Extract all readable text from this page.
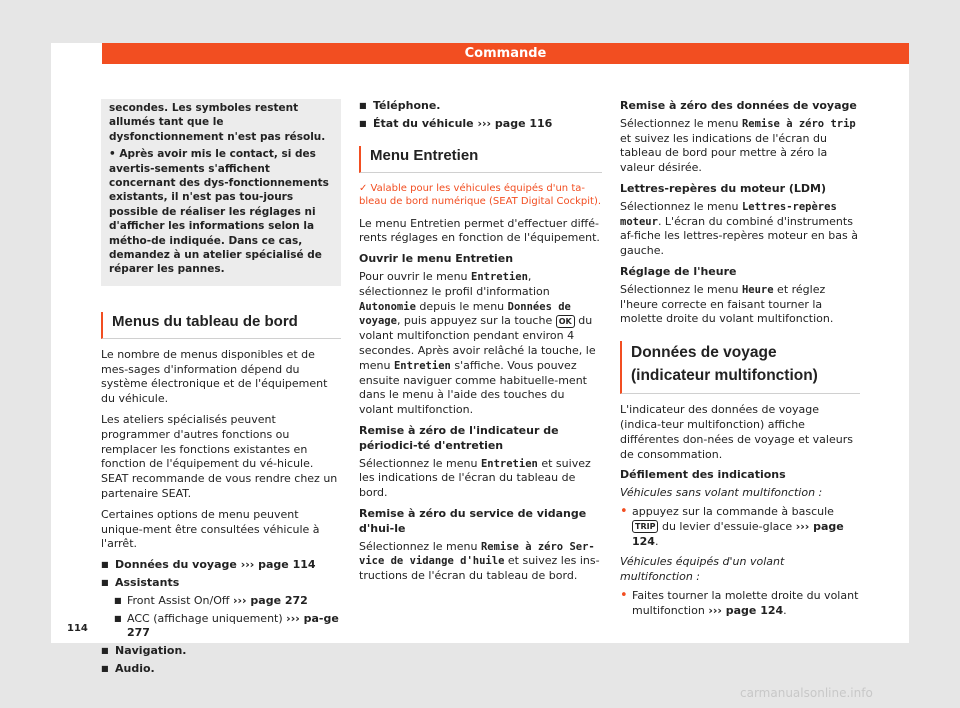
Commande

secondes. Les symboles restent allumés tant que le dysfonctionnement n'est pas résolu.

• Après avoir mis le contact, si des avertis-sements s'affichent concernant des dys-fonctionnements existants, il n'est pas tou-jours possible de réaliser les réglages ni d'afficher les informations selon la métho-de indiquée. Dans ce cas, demandez à un atelier spécialisé de réparer les pannes.

Menus du tableau de bord

Le nombre de menus disponibles et de mes-sages d'information dépend du système électronique et de l'équipement du véhicule.

Les ateliers spécialisés peuvent programmer d'autres fonctions ou remplacer les fonctions existantes en fonction de l'équipement du vé-hicule. SEAT recommande de vous rendre chez un partenaire SEAT.

Certaines options de menu peuvent unique-ment être consultées véhicule à l'arrêt.

■ Données du voyage ››› page 114
■ Assistants
■ Front Assist On/Off ››› page 272
■ ACC (affichage uniquement) ››› pa-ge 277
■ Navigation.
■ Audio.
■ Téléphone.
■ État du véhicule ››› page 116
Menu Entretien

✓ Valable pour les véhicules équipés d'un ta-bleau de bord numérique (SEAT Digital Cockpit).

Le menu Entretien permet d'effectuer diffé-rents réglages en fonction de l'équipement.

Ouvrir le menu Entretien

Pour ouvrir le menu Entretien, sélectionnez le profil d'information Autonomie depuis le menu Données de voyage, puis appuyez sur la touche OK du volant multifonction pendant environ 4 secondes. Après avoir relâché la touche, le menu Entretien s'affiche. Vous pouvez ensuite naviguer comme habituelle-ment dans le menu à l'aide des touches du volant multifonction.

Remise à zéro de l'indicateur de périodici-té d'entretien

Sélectionnez le menu Entretien et suivez les indications de l'écran du tableau de bord.

Remise à zéro du service de vidange d'hui-le

Sélectionnez le menu Remise à zéro Ser-vice de vidange d'huile et suivez les ins-tructions de l'écran du tableau de bord.

Remise à zéro des données de voyage

Sélectionnez le menu Remise à zéro trip et suivez les indications de l'écran du tableau de bord pour mettre à zéro la valeur désirée.

Lettres-repères du moteur (LDM)

Sélectionnez le menu Lettres-repères moteur. L'écran du combiné d'instruments af-fiche les lettres-repères moteur en bas à gauche.

Réglage de l'heure

Sélectionnez le menu Heure et réglez l'heure correcte en faisant tourner la molette droite du volant multifonction.

Données de voyage (indicateur multifonction)

L'indicateur des données de voyage (indica-teur multifonction) affiche différentes don-nées de voyage et valeurs de consommation.

Défilement des indications

Véhicules sans volant multifonction :

• appuyez sur la commande à bascule TRIP du levier d'essuie-glace ››› page 124.

Véhicules équipés d'un volant multifonction :

• Faites tourner la molette droite du volant multifonction ››› page 124.

114
carmanualsonline.info
